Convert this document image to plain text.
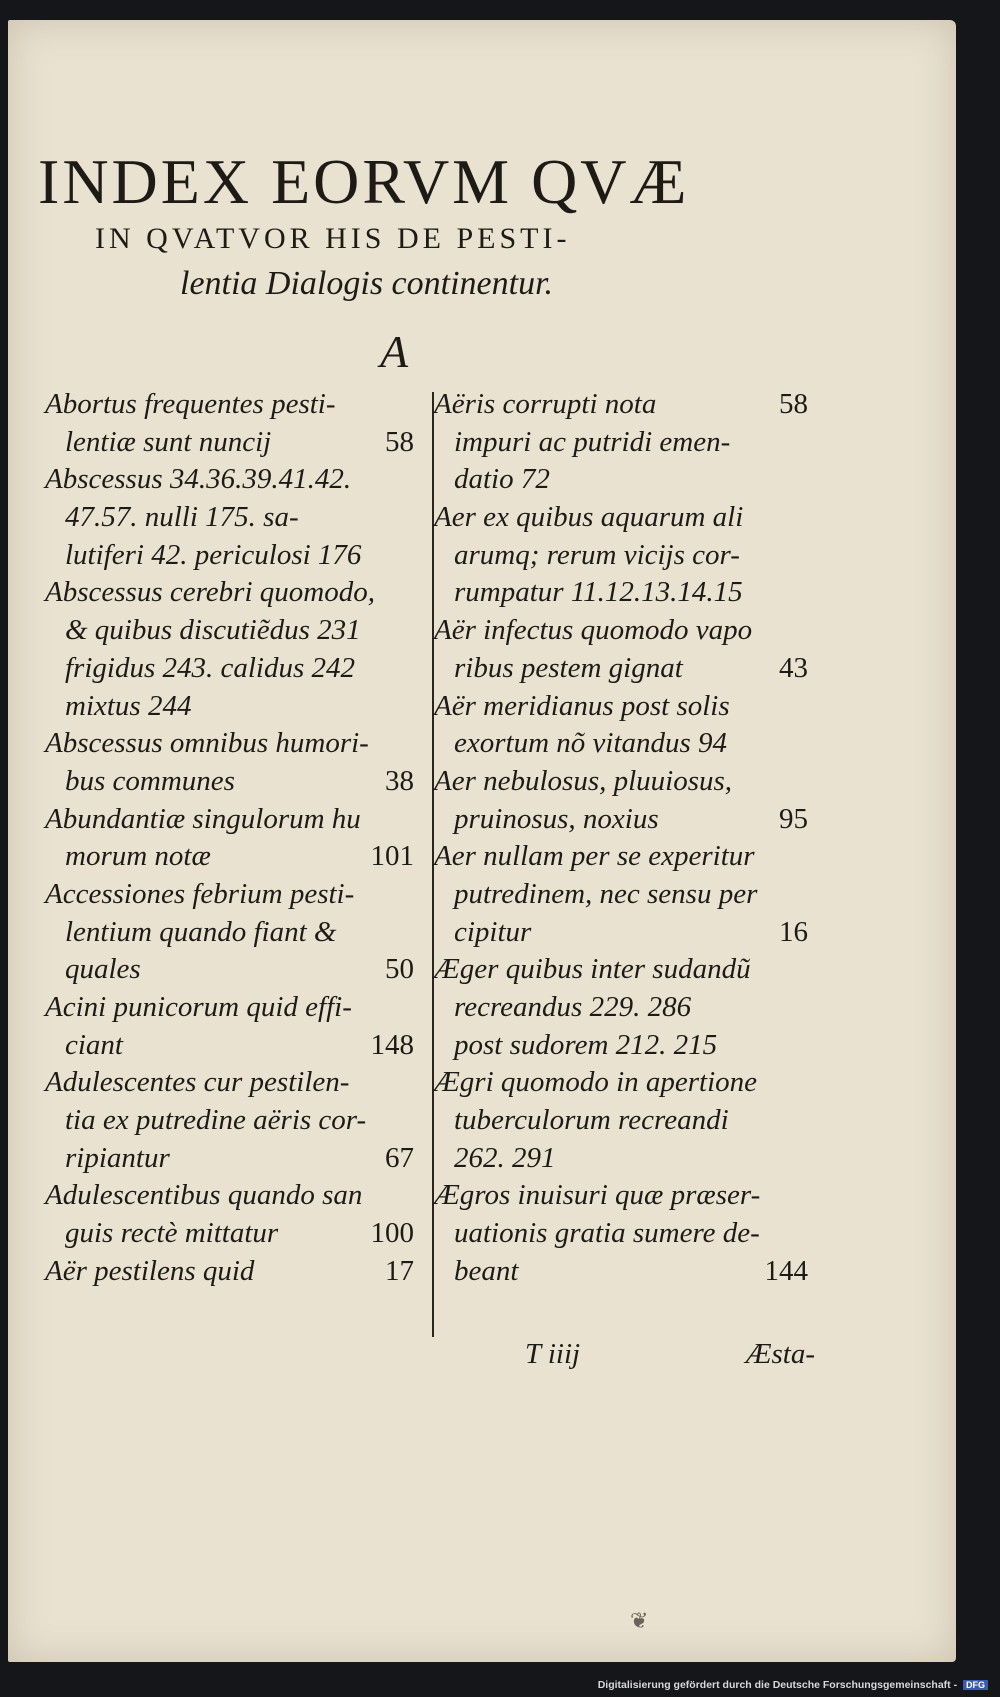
INDEX EORVM QVÆ
IN QVATVOR HIS DE PESTI-
lentia Dialogis continentur.
A
Abortus frequentes pesti-
lentiæ sunt nuncij	58
Abscessus 34.36.39.41.42.
47.57. nulli 175. sa-
lutiferi 42. periculosi 176
Abscessus cerebri quomodo,
& quibus discutiẽdus 231
frigidus 243. calidus 242
mixtus 244
Abscessus omnibus humori-
bus communes	38
Abundantiæ singulorum hu
morum notæ	101
Accessiones febrium pesti-
lentium quando fiant &
quales	50
Acini punicorum quid effi-
ciant	148
Adulescentes cur pestilen-
tia ex putredine aëris cor-
ripiantur	67
Adulescentibus quando san
guis rectè mittatur	100
Aër pestilens quid	17
Aëris corrupti nota	58
impuri ac putridi emen-
datio 72
Aer ex quibus aquarum ali
arumq; rerum vicijs cor-
rumpatur 11.12.13.14.15
Aër infectus quomodo vapo
ribus pestem gignat	43
Aër meridianus post solis
exortum nõ vitandus 94
Aer nebulosus, pluuiosus,
pruinosus, noxius	95
Aer nullam per se experitur
putredinem, nec sensu per
cipitur	16
Æger quibus inter sudandũ
recreandus 229. 286
post sudorem 212. 215
Ægri quomodo in apertione
tuberculorum recreandi
262. 291
Ægros inuisuri quæ præser-
uationis gratia sumere de-
beant	144
T iiij	Æsta-
❦
Digitalisierung gefördert durch die Deutsche Forschungsgemeinschaft - DFG
